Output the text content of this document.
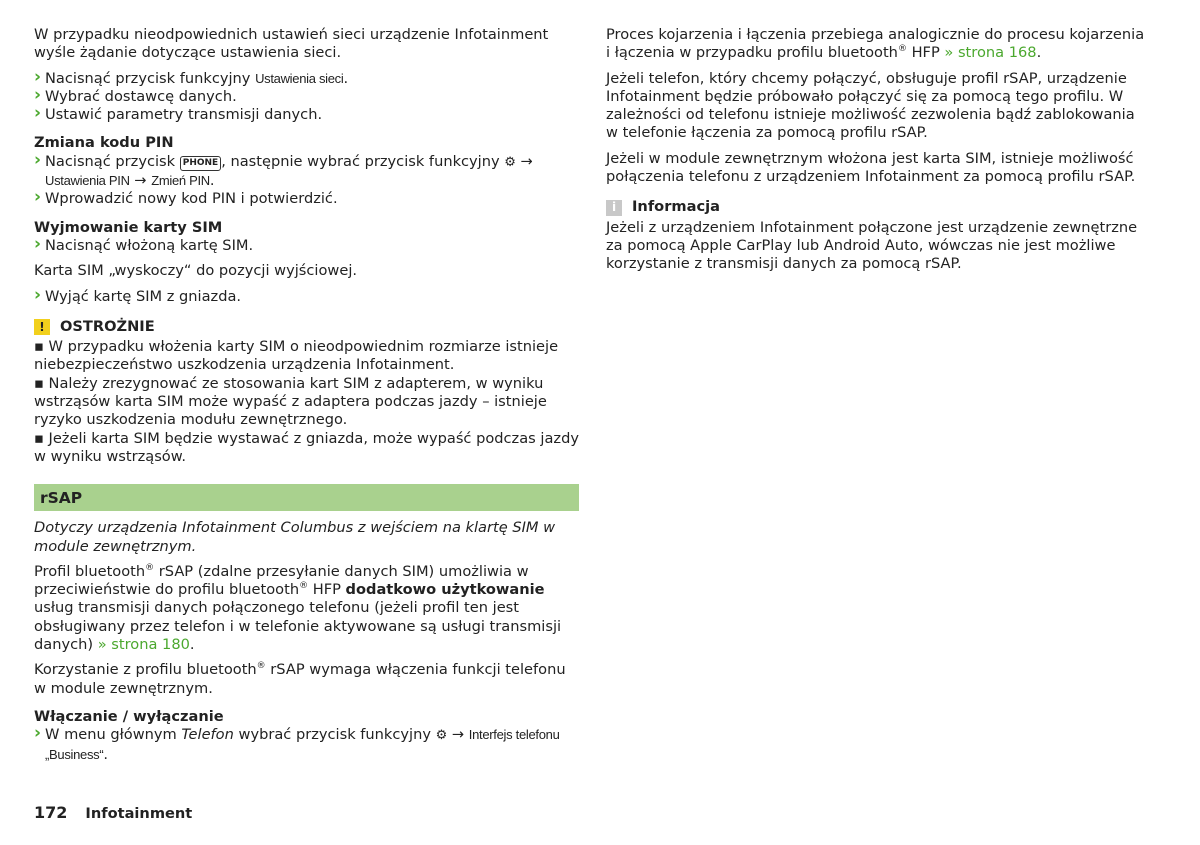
W przypadku nieodpowiednich ustawień sieci urządzenie Infotainment wyśle żądanie dotyczące ustawienia sieci.

› Nacisnąć przycisk funkcyjny Ustawienia sieci.
› Wybrać dostawcę danych.
› Ustawić parametry transmisji danych.
Zmiana kodu PIN
› Nacisnąć przycisk PHONE , następnie wybrać przycisk funkcyjny ⚙ → Ustawienia PIN → Zmień PIN.
› Wprowadzić nowy kod PIN i potwierdzić.
Wyjmowanie karty SIM
› Nacisnąć włożoną kartę SIM.

Karta SIM „wyskoczy“ do pozycji wyjściowej.

› Wyjąć kartę SIM z gniazda.
!	OSTROŻNIE

▪ W przypadku włożenia karty SIM o nieodpowiednim rozmiarze istnieje niebezpieczeństwo uszkodzenia urządzenia Infotainment.

▪ Należy zrezygnować ze stosowania kart SIM z adapterem, w wyniku wstrząsów karta SIM może wypaść z adaptera podczas jazdy – istnieje ryzyko uszkodzenia modułu zewnętrznego.

▪ Jeżeli karta SIM będzie wystawać z gniazda, może wypaść podczas jazdy w wyniku wstrząsów.

rSAP

Dotyczy urządzenia Infotainment Columbus z wejściem na klartę SIM w module zewnętrznym.

Profil bluetooth® rSAP (zdalne przesyłanie danych SIM) umożliwia w przeciwieństwie do profilu bluetooth® HFP dodatkowo użytkowanie usług transmisji danych połączonego telefonu (jeżeli profil ten jest obsługiwany przez telefon i w telefonie aktywowane są usługi transmisji danych) » strona 180.

Korzystanie z profilu bluetooth® rSAP wymaga włączenia funkcji telefonu w module zewnętrznym.

Włączanie / wyłączanie
› W menu głównym Telefon wybrać przycisk funkcyjny ⚙ → Interfejs telefonu „Business“.

Proces kojarzenia i łączenia przebiega analogicznie do procesu kojarzenia i łączenia w przypadku profilu bluetooth® HFP » strona 168.

Jeżeli telefon, który chcemy połączyć, obsługuje profil rSAP, urządzenie Infotainment będzie próbowało połączyć się za pomocą tego profilu. W zależności od telefonu istnieje możliwość zezwolenia bądź zablokowania w telefonie łączenia za pomocą profilu rSAP.

Jeżeli w module zewnętrznym włożona jest karta SIM, istnieje możliwość połączenia telefonu z urządzeniem Infotainment za pomocą profilu rSAP.

i	Informacja

Jeżeli z urządzeniem Infotainment połączone jest urządzenie zewnętrzne za pomocą Apple CarPlay lub Android Auto, wówczas nie jest możliwe korzystanie z transmisji danych za pomocą rSAP.

172 Infotainment
